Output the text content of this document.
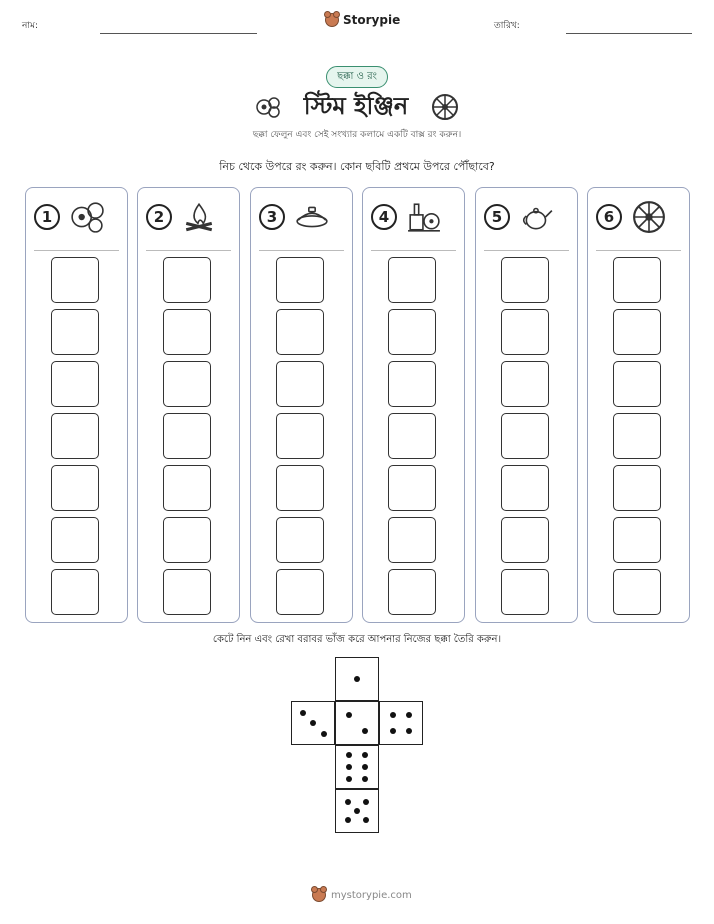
নাম:	Storypie	তারিখ:
ছক্কা ও রং
স্টিম ইঞ্জিন
ছক্কা ফেলুন এবং সেই সংখ্যার কলামে একটি বাক্স রং করুন।
নিচ থেকে উপরে রং করুন। কোন ছবিটি প্রথমে উপরে পৌঁছাবে?
1	2	3	4	5	6
কেটে নিন এবং রেখা বরাবর ভাঁজ করে আপনার নিজের ছক্কা তৈরি করুন।
mystorypie.com
